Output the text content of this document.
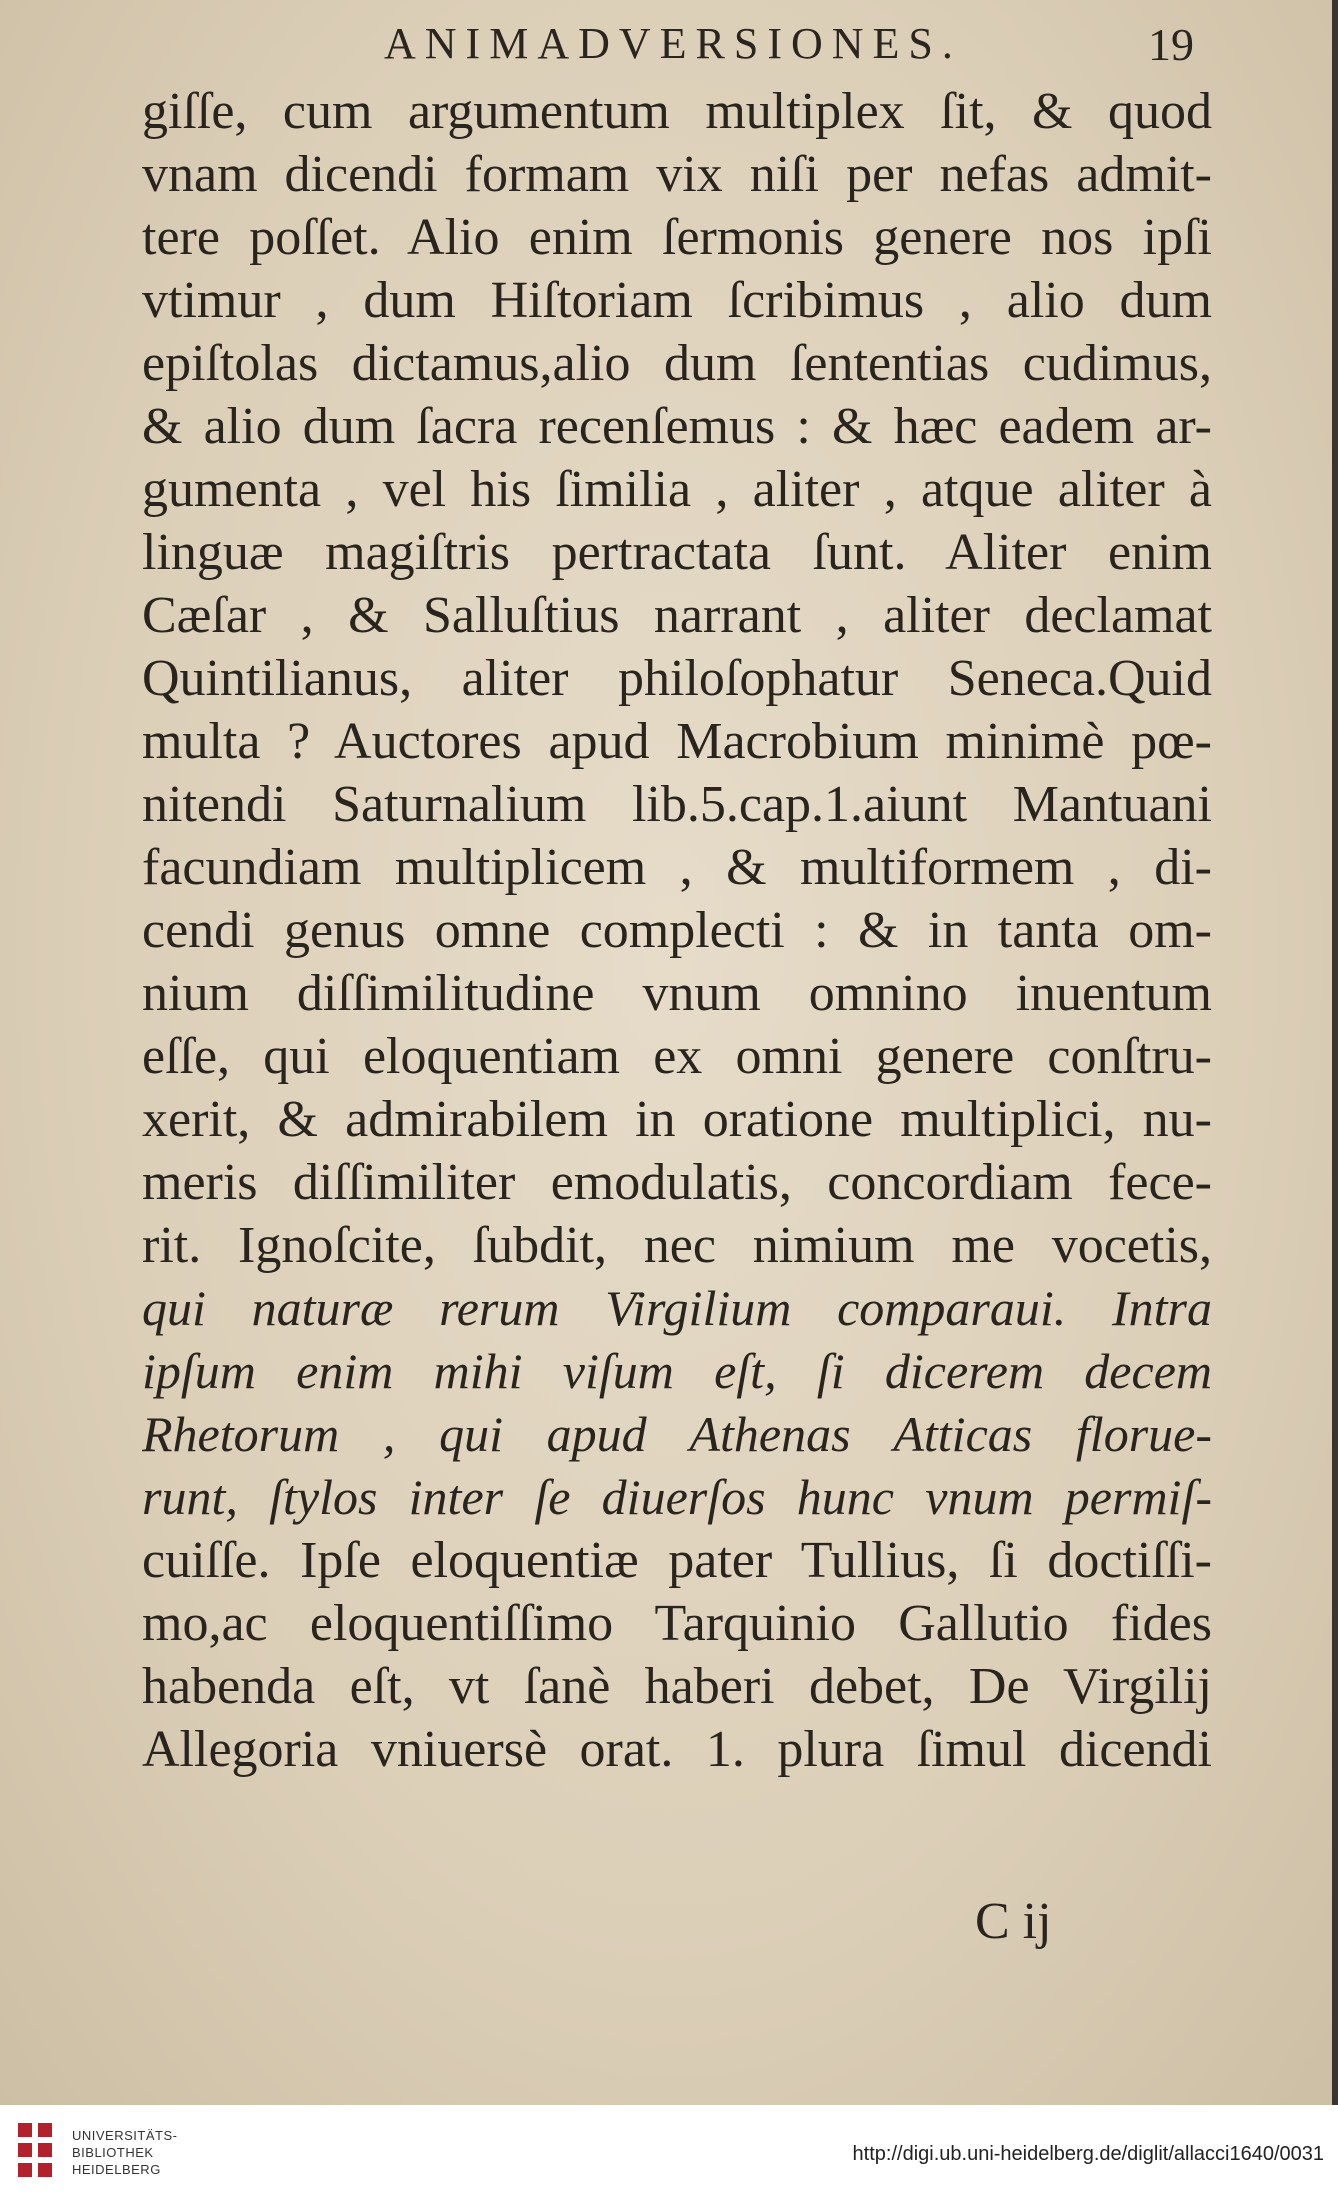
ANIMADVERSIONES.	19
giſſe, cum argumentum multiplex ſit, & quod
vnam dicendi formam vix niſi per nefas admit-
tere poſſet. Alio enim ſermonis genere nos ipſi
vtimur , dum Hiſtoriam ſcribimus , alio dum
epiſtolas dictamus,alio dum ſententias cudimus,
& alio dum ſacra recenſemus : & hæc eadem ar-
gumenta , vel his ſimilia , aliter , atque aliter à
linguæ magiſtris pertractata ſunt. Aliter enim
Cæſar , & Salluſtius narrant , aliter declamat
Quintilianus, aliter philoſophatur Seneca.Quid
multa ? Auctores apud Macrobium minimè pœ-
nitendi Saturnalium lib.5.cap.1.aiunt Mantuani
facundiam multiplicem , & multiformem , di-
cendi genus omne complecti : & in tanta om-
nium diſſimilitudine vnum omnino inuentum
eſſe, qui eloquentiam ex omni genere conſtru-
xerit, & admirabilem in oratione multiplici, nu-
meris diſſimiliter emodulatis, concordiam fece-
rit. Ignoſcite, ſubdit, nec nimium me vocetis,
qui naturæ rerum Virgilium comparaui. Intra
ipſum enim mihi viſum eſt, ſi dicerem decem
Rhetorum , qui apud Athenas Atticas florue-
runt, ſtylos inter ſe diuerſos hunc vnum permiſ-
cuiſſe. Ipſe eloquentiæ pater Tullius, ſi doctiſſi-
mo,ac eloquentiſſimo Tarquinio Gallutio fides
habenda eſt, vt ſanè haberi debet, De Virgilij
Allegoria vniuersè orat. 1. plura ſimul dicendi
C ij
UNIVERSITÄTS-
BIBLIOTHEK
HEIDELBERG
http://digi.ub.uni-heidelberg.de/diglit/allacci1640/0031
